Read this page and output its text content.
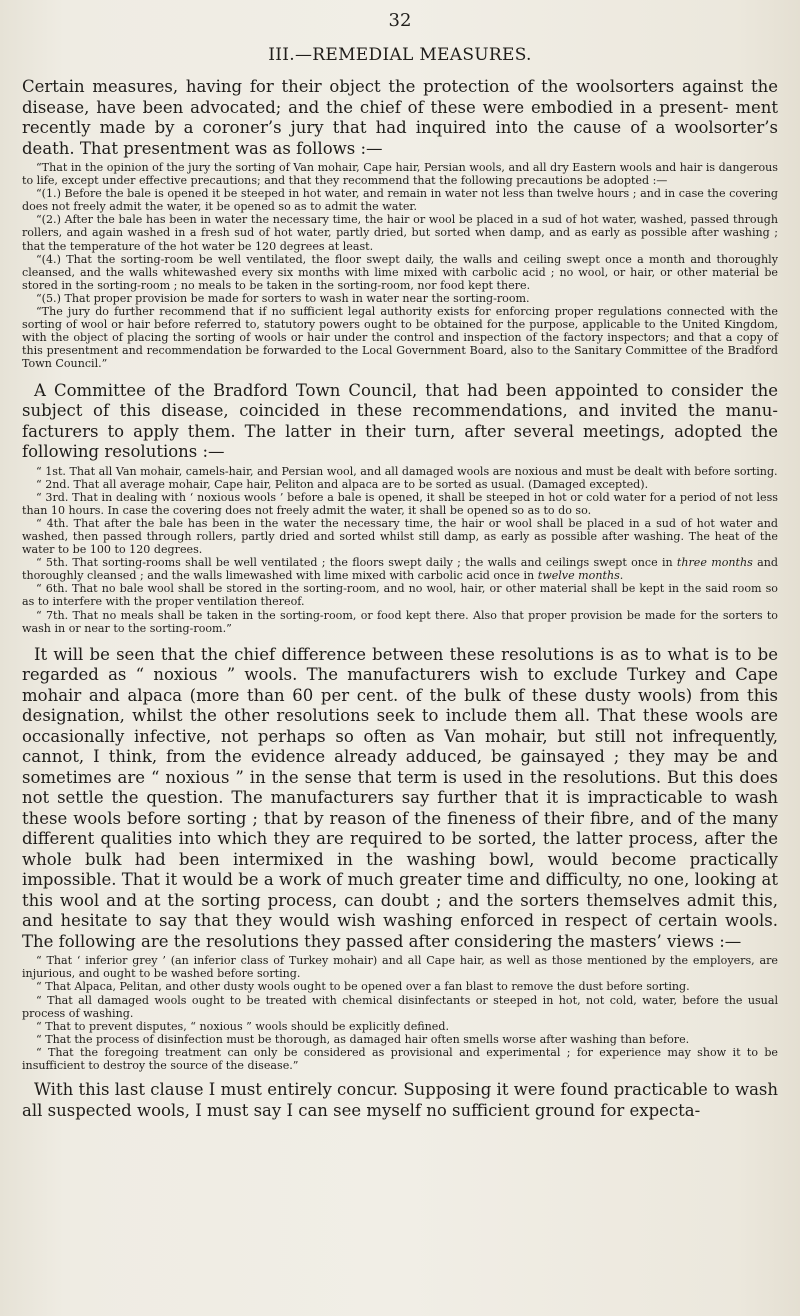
32
III.—REMEDIAL MEASURES.

Certain measures, having for their object the protection of the woolsorters against the disease, have been advocated; and the chief of these were embodied in a present- ment recently made by a coroner’s jury that had inquired into the cause of a woolsorter’s death. That presentment was as follows :—

“That in the opinion of the jury the sorting of Van mohair, Cape hair, Persian wools, and all dry Eastern wools and hair is dangerous to life, except under effective precautions; and that they recommend that the following precautions be adopted :—

“(1.) Before the bale is opened it be steeped in hot water, and remain in water not less than twelve hours ; and in case the covering does not freely admit the water, it be opened so as to admit the water.

“(2.) After the bale has been in water the necessary time, the hair or wool be placed in a sud of hot water, washed, passed through rollers, and again washed in a fresh sud of hot water, partly dried, but sorted when damp, and as early as possible after washing ; that the temperature of the hot water be 120 degrees at least.

“(4.) That the sorting-room be well ventilated, the floor swept daily, the walls and ceiling swept once a month and thoroughly cleansed, and the walls whitewashed every six months with lime mixed with carbolic acid ; no wool, or hair, or other material be stored in the sorting-room ; no meals to be taken in the sorting-room, nor food kept there.

“(5.) That proper provision be made for sorters to wash in water near the sorting-room.

“The jury do further recommend that if no sufficient legal authority exists for enforcing proper regulations connected with the sorting of wool or hair before referred to, statutory powers ought to be obtained for the purpose, applicable to the United Kingdom, with the object of placing the sorting of wools or hair under the control and inspection of the factory inspectors; and that a copy of this presentment and recommendation be forwarded to the Local Government Board, also to the Sanitary Committee of the Bradford Town Council.”

A Committee of the Bradford Town Council, that had been appointed to consider the subject of this disease, coincided in these recommendations, and invited the manu- facturers to apply them. The latter in their turn, after several meetings, adopted the following resolutions :—

“ 1st. That all Van mohair, camels-hair, and Persian wool, and all damaged wools are noxious and must be dealt with before sorting.

“ 2nd. That all average mohair, Cape hair, Peliton and alpaca are to be sorted as usual. (Damaged excepted).

“ 3rd. That in dealing with ‘ noxious wools ’ before a bale is opened, it shall be steeped in hot or cold water for a period of not less than 10 hours. In case the covering does not freely admit the water, it shall be opened so as to do so.

“ 4th. That after the bale has been in the water the necessary time, the hair or wool shall be placed in a sud of hot water and washed, then passed through rollers, partly dried and sorted whilst still damp, as early as possible after washing. The heat of the water to be 100 to 120 degrees.

“ 5th. That sorting-rooms shall be well ventilated ; the floors swept daily ; the walls and ceilings swept once in three months and thoroughly cleansed ; and the walls limewashed with lime mixed with carbolic acid once in twelve months.

“ 6th. That no bale wool shall be stored in the sorting-room, and no wool, hair, or other material shall be kept in the said room so as to interfere with the proper ventilation thereof.

“ 7th. That no meals shall be taken in the sorting-room, or food kept there. Also that proper provision be made for the sorters to wash in or near to the sorting-room.”

It will be seen that the chief difference between these resolutions is as to what is to be regarded as “ noxious ” wools. The manufacturers wish to exclude Turkey and Cape mohair and alpaca (more than 60 per cent. of the bulk of these dusty wools) from this designation, whilst the other resolutions seek to include them all. That these wools are occasionally infective, not perhaps so often as Van mohair, but still not infrequently, cannot, I think, from the evidence already adduced, be gainsayed ; they may be and sometimes are “ noxious ” in the sense that term is used in the resolutions. But this does not settle the question. The manufacturers say further that it is impracticable to wash these wools before sorting ; that by reason of the fineness of their fibre, and of the many different qualities into which they are required to be sorted, the latter process, after the whole bulk had been intermixed in the washing bowl, would become practically impossible. That it would be a work of much greater time and difficulty, no one, looking at this wool and at the sorting process, can doubt ; and the sorters themselves admit this, and hesitate to say that they would wish washing enforced in respect of certain wools. The following are the resolutions they passed after considering the masters’ views :—

“ That ‘ inferior grey ’ (an inferior class of Turkey mohair) and all Cape hair, as well as those mentioned by the employers, are injurious, and ought to be washed before sorting.

“ That Alpaca, Pelitan, and other dusty wools ought to be opened over a fan blast to remove the dust before sorting.

“ That all damaged wools ought to be treated with chemical disinfectants or steeped in hot, not cold, water, before the usual process of washing.

“ That to prevent disputes, “ noxious ” wools should be explicitly defined.

“ That the process of disinfection must be thorough, as damaged hair often smells worse after washing than before.

“ That the foregoing treatment can only be considered as provisional and experimental ; for experience may show it to be insufficient to destroy the source of the disease.”

With this last clause I must entirely concur. Supposing it were found practicable to wash all suspected wools, I must say I can see myself no sufficient ground for expecta-
